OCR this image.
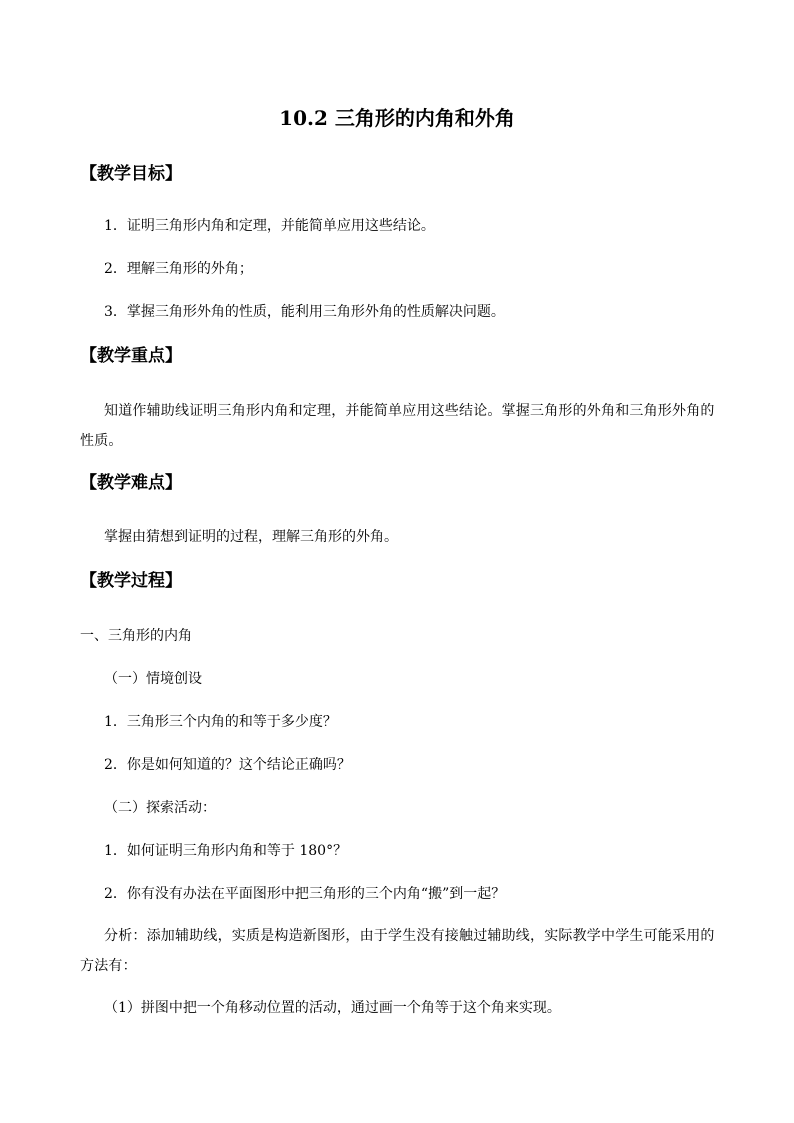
10.2 三角形的内角和外角
【教学目标】
1．证明三角形内角和定理，并能简单应用这些结论。
2．理解三角形的外角；
3．掌握三角形外角的性质，能利用三角形外角的性质解决问题。
【教学重点】
知道作辅助线证明三角形内角和定理，并能简单应用这些结论。掌握三角形的外角和三角形外角的性质。
【教学难点】
掌握由猜想到证明的过程，理解三角形的外角。
【教学过程】
一、三角形的内角
（一）情境创设
1．三角形三个内角的和等于多少度？
2．你是如何知道的？这个结论正确吗？
（二）探索活动：
1．如何证明三角形内角和等于 180°？
2．你有没有办法在平面图形中把三角形的三个内角“搬”到一起？
分析：添加辅助线，实质是构造新图形，由于学生没有接触过辅助线，实际教学中学生可能采用的方法有：
（1）拼图中把一个角移动位置的活动，通过画一个角等于这个角来实现。
